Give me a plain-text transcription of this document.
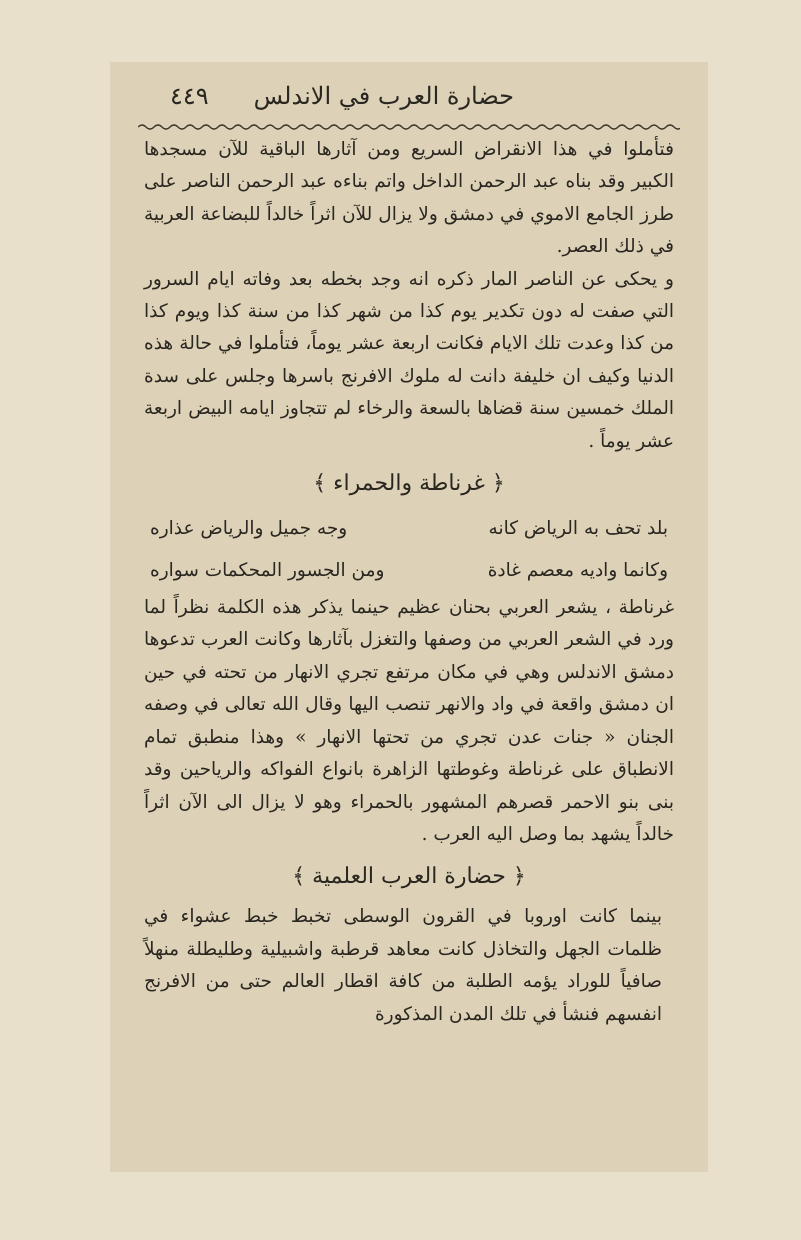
حضارة العرب في الاندلس
٤٤٩

فتأملوا في هذا الانقراض السريع ومن آثارها الباقية للآن مسجدها الكبير وقد بناه عبد الرحمن الداخل واتم بناءه عبد الرحمن الناصر على طرز الجامع الاموي في دمشق ولا يزال للآن اثراً خالداً للبضاعة العربية في ذلك العصر.

و يحكى عن الناصر المار ذكره انه وجد بخطه بعد وفاته ايام السرور التي صفت له دون تكدير يوم كذا من شهر كذا من سنة كذا ويوم كذا من كذا وعدت تلك الايام فكانت اربعة عشر يوماً، فتأملوا في حالة هذه الدنيا وكيف ان خليفة دانت له ملوك الافرنج باسرها وجلس على سدة الملك خمسين سنة قضاها بالسعة والرخاء لم تتجاوز ايامه البيض اربعة عشر يوماً .

﴿ غرناطة والحمراء ﴾
بلد تحف به الرياض كانه
وجه جميل والرياض عذاره
وكانما واديه معصم غادة
ومن الجسور المحكمات سواره

غرناطة ، يشعر العربي بحنان عظيم حينما يذكر هذه الكلمة نظراً لما ورد في الشعر العربي من وصفها والتغزل بآثارها وكانت العرب تدعوها دمشق الاندلس وهي في مكان مرتفع تجري الانهار من تحته في حين ان دمشق واقعة في واد والانهر تنصب اليها وقال الله تعالى في وصفه الجنان « جنات عدن تجري من تحتها الانهار » وهذا منطبق تمام الانطباق على غرناطة وغوطتها الزاهرة بانواع الفواكه والرياحين وقد بنى بنو الاحمر قصرهم المشهور بالحمراء وهو لا يزال الى الآن اثراً خالداً يشهد بما وصل اليه العرب .

﴿ حضارة العرب العلمية ﴾

بينما كانت اوروبا في القرون الوسطى تخبط خبط عشواء في ظلمات الجهل والتخاذل كانت معاهد قرطبة واشبيلية وطليطلة منهلاً صافياً للوراد يؤمه الطلبة من كافة اقطار العالم حتى من الافرنج انفسهم فنشأ في تلك المدن المذكورة
